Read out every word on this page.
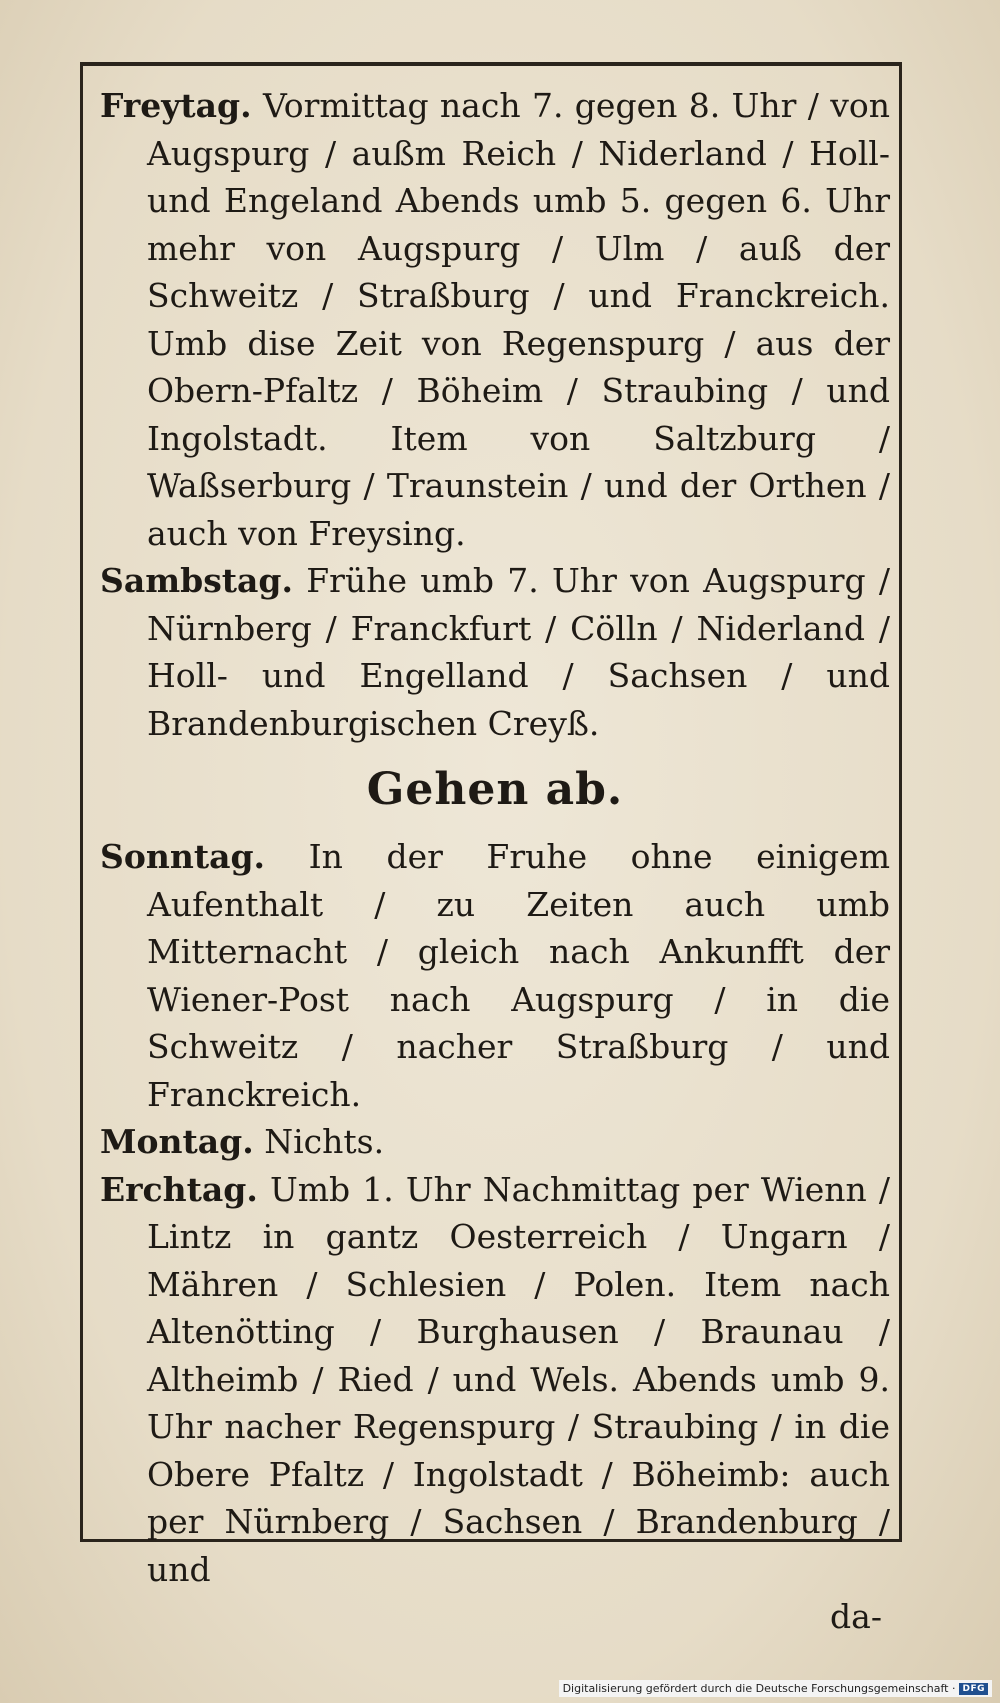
Freytag. Vormittag nach 7. gegen 8. Uhr / von Augspurg / außm Reich / Niderland / Holl- und Engeland Abends umb 5. gegen 6. Uhr mehr von Augspurg / Ulm / auß der Schweitz / Straßburg / und Franckreich. Umb dise Zeit von Regenspurg / aus der Obern-Pfaltz / Böheim / Straubing / und Ingolstadt. Item von Saltzburg / Waßserburg / Traunstein / und der Orthen / auch von Freysing.

Sambstag. Frühe umb 7. Uhr von Augspurg / Nürnberg / Franckfurt / Cölln / Niderland / Holl- und Engelland / Sachsen / und Brandenburgischen Creyß.

Gehen ab.

Sonntag. In der Fruhe ohne einigem Aufenthalt / zu Zeiten auch umb Mitternacht / gleich nach Ankunfft der Wiener-Post nach Augspurg / in die Schweitz / nacher Straßburg / und Franckreich.

Montag. Nichts.

Erchtag. Umb 1. Uhr Nachmittag per Wienn / Lintz in gantz Oesterreich / Ungarn / Mähren / Schlesien / Polen. Item nach Altenötting / Burghausen / Braunau / Altheimb / Ried / und Wels. Abends umb 9. Uhr nacher Regenspurg / Straubing / in die Obere Pfaltz / Ingolstadt / Böheimb: auch per Nürnberg / Sachsen / Brandenburg / und

da-
Digitalisierung gefördert durch die Deutsche Forschungsgemeinschaft · DFG
